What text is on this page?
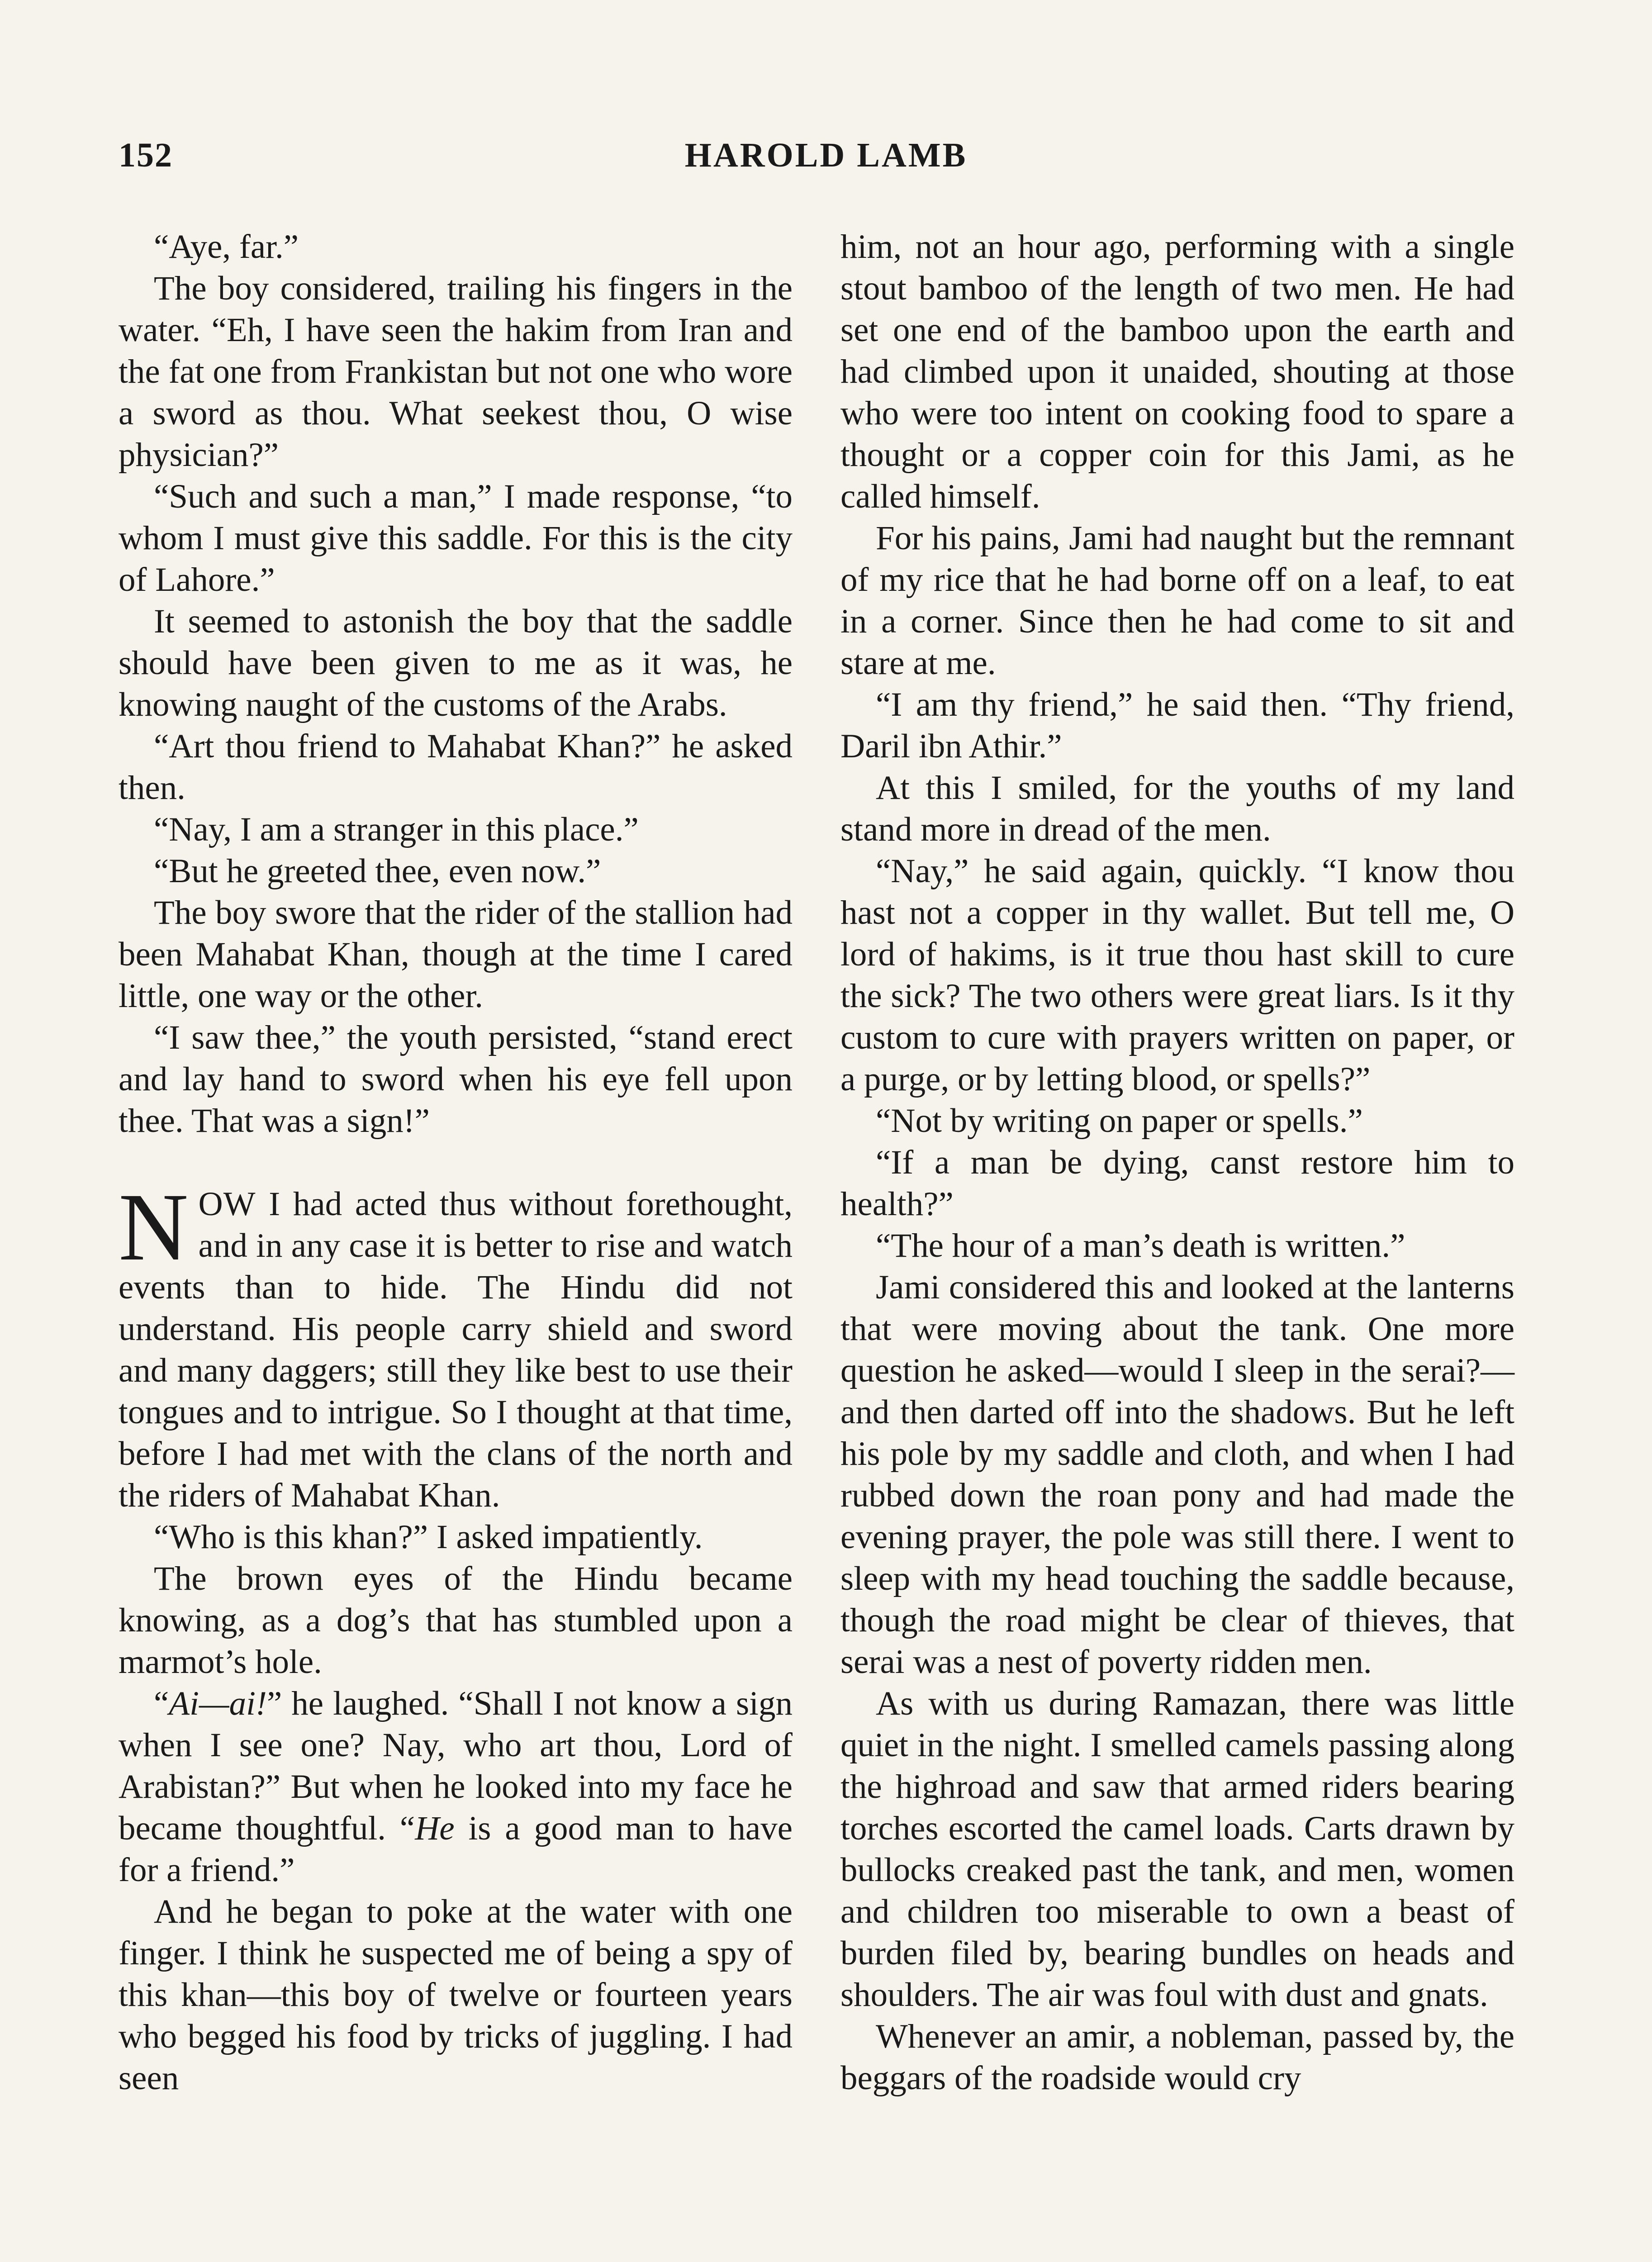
152	HAROLD LAMB

“Aye, far.”

The boy considered, trailing his fingers in the water. “Eh, I have seen the hakim from Iran and the fat one from Frankistan but not one who wore a sword as thou. What seekest thou, O wise physician?”

“Such and such a man,” I made response, “to whom I must give this saddle. For this is the city of Lahore.”

It seemed to astonish the boy that the saddle should have been given to me as it was, he knowing naught of the customs of the Arabs.

“Art thou friend to Mahabat Khan?” he asked then.

“Nay, I am a stranger in this place.”

“But he greeted thee, even now.”

The boy swore that the rider of the stallion had been Mahabat Khan, though at the time I cared little, one way or the other.

“I saw thee,” the youth persisted, “stand erect and lay hand to sword when his eye fell upon thee. That was a sign!”

NOW I had acted thus without forethought, and in any case it is better to rise and watch events than to hide. The Hindu did not understand. His people carry shield and sword and many daggers; still they like best to use their tongues and to intrigue. So I thought at that time, before I had met with the clans of the north and the riders of Mahabat Khan.

“Who is this khan?” I asked impatiently.

The brown eyes of the Hindu became knowing, as a dog’s that has stumbled upon a marmot’s hole.

“Ai—ai!” he laughed. “Shall I not know a sign when I see one? Nay, who art thou, Lord of Arabistan?” But when he looked into my face he became thoughtful. “He is a good man to have for a friend.”

And he began to poke at the water with one finger. I think he suspected me of being a spy of this khan—this boy of twelve or fourteen years who begged his food by tricks of juggling. I had seen

him, not an hour ago, performing with a single stout bamboo of the length of two men. He had set one end of the bamboo upon the earth and had climbed upon it unaided, shouting at those who were too intent on cooking food to spare a thought or a copper coin for this Jami, as he called himself.

For his pains, Jami had naught but the remnant of my rice that he had borne off on a leaf, to eat in a corner. Since then he had come to sit and stare at me.

“I am thy friend,” he said then. “Thy friend, Daril ibn Athir.”

At this I smiled, for the youths of my land stand more in dread of the men.

“Nay,” he said again, quickly. “I know thou hast not a copper in thy wallet. But tell me, O lord of hakims, is it true thou hast skill to cure the sick? The two others were great liars. Is it thy custom to cure with prayers written on paper, or a purge, or by letting blood, or spells?”

“Not by writing on paper or spells.”

“If a man be dying, canst restore him to health?”

“The hour of a man’s death is written.”

Jami considered this and looked at the lanterns that were moving about the tank. One more question he asked—would I sleep in the serai?—and then darted off into the shadows. But he left his pole by my saddle and cloth, and when I had rubbed down the roan pony and had made the evening prayer, the pole was still there. I went to sleep with my head touching the saddle because, though the road might be clear of thieves, that serai was a nest of poverty ridden men.

As with us during Ramazan, there was little quiet in the night. I smelled camels passing along the highroad and saw that armed riders bearing torches escorted the camel loads. Carts drawn by bullocks creaked past the tank, and men, women and children too miserable to own a beast of burden filed by, bearing bundles on heads and shoulders. The air was foul with dust and gnats.

Whenever an amir, a nobleman, passed by, the beggars of the roadside would cry
